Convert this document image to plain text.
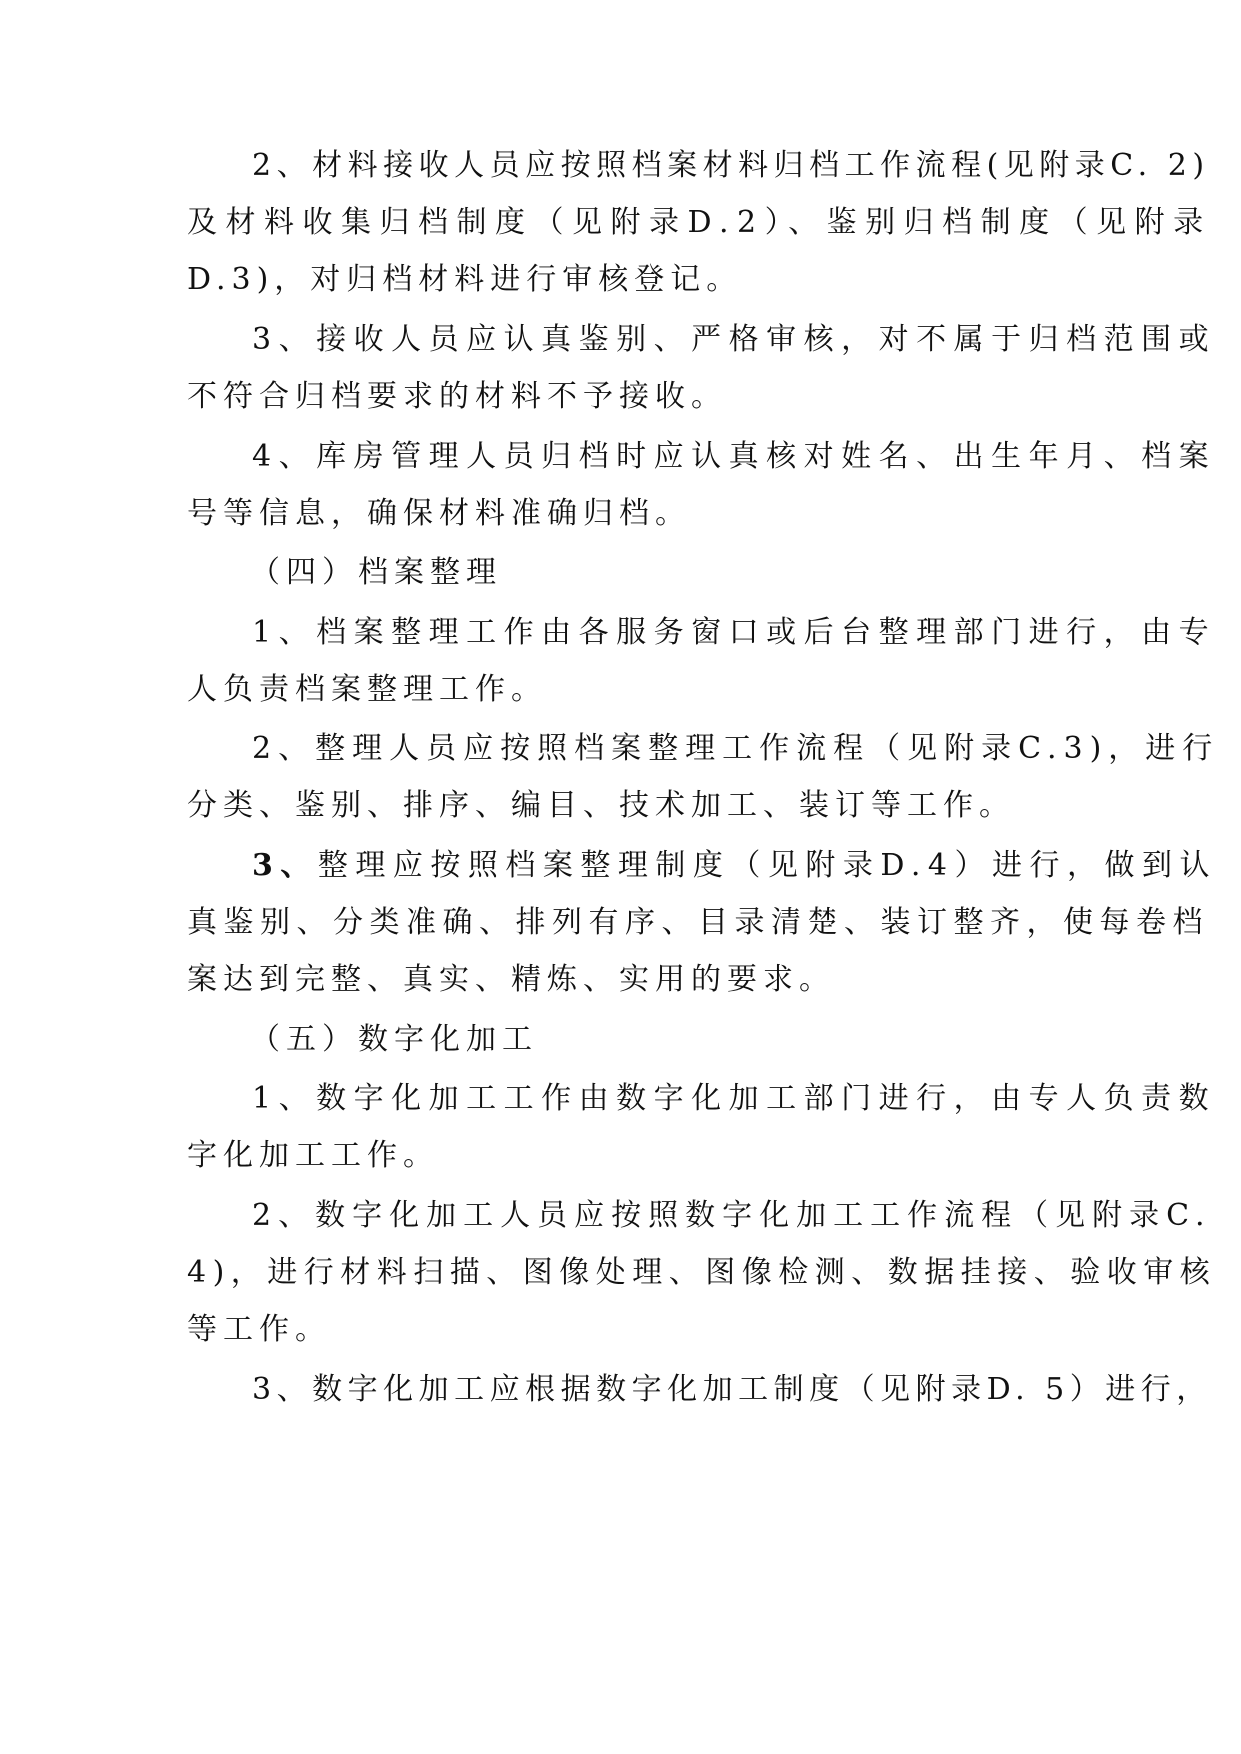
2、材料接收人员应按照档案材料归档工作流程(见附录C. 2)
及材料收集归档制度（见附录D.2）、鉴别归档制度（见附录
D.3)，对归档材料进行审核登记。
3、接收人员应认真鉴别、严格审核，对不属于归档范围或
不符合归档要求的材料不予接收。
4、库房管理人员归档时应认真核对姓名、出生年月、档案
号等信息，确保材料准确归档。
（四）档案整理
1、档案整理工作由各服务窗口或后台整理部门进行，由专
人负责档案整理工作。
2、整理人员应按照档案整理工作流程（见附录C.3)，进行
分类、鉴别、排序、编目、技术加工、装订等工作。
3、整理应按照档案整理制度（见附录D.4）进行，做到认
真鉴别、分类准确、排列有序、目录清楚、装订整齐，使每卷档
案达到完整、真实、精炼、实用的要求。
（五）数字化加工
1、数字化加工工作由数字化加工部门进行，由专人负责数
字化加工工作。
2、数字化加工人员应按照数字化加工工作流程（见附录C.
4)，进行材料扫描、图像处理、图像检测、数据挂接、验收审核
等工作。
3、数字化加工应根据数字化加工制度（见附录D. 5）进行，
